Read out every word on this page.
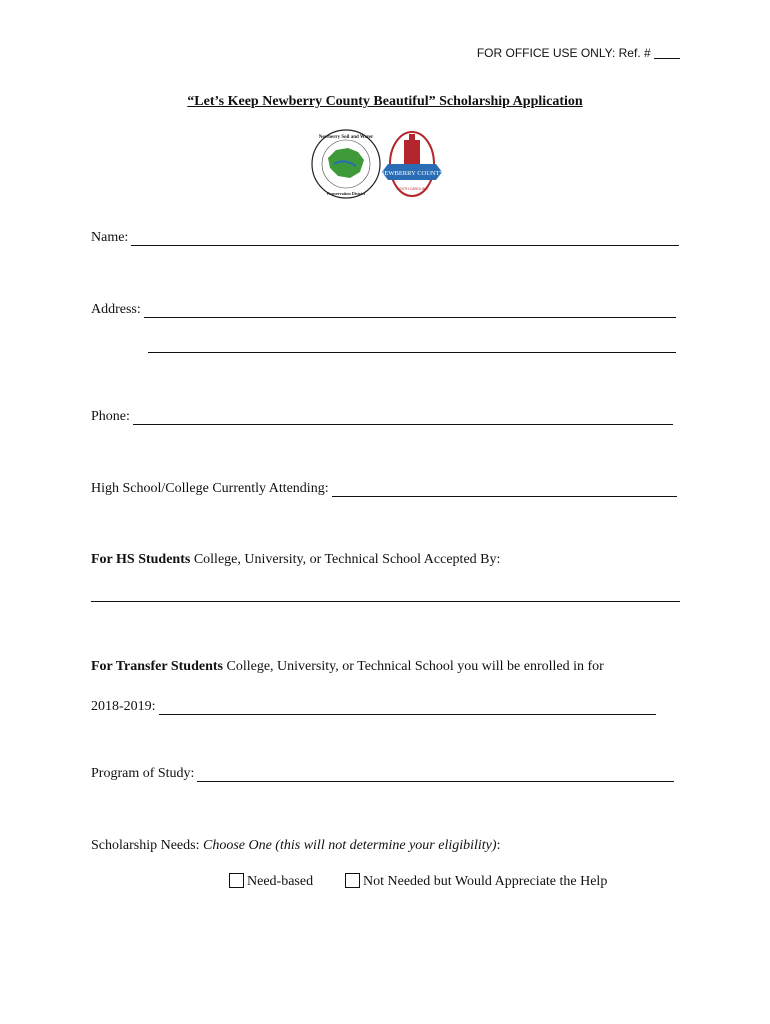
FOR OFFICE USE ONLY: Ref. #
“Let’s Keep Newberry County Beautiful” Scholarship Application
Newberry Soil and Water
Conservation District
NEWBERRY COUNTY
SOUTH CAROLINA
Name:
Address:
Phone:
High School/College Currently Attending:
For HS Students College, University, or Technical School Accepted By:
For Transfer Students College, University, or Technical School you will be enrolled in for
2018-2019:
Program of Study:
Scholarship Needs: Choose One (this will not determine your eligibility):
Need-based	Not Needed but Would Appreciate the Help
